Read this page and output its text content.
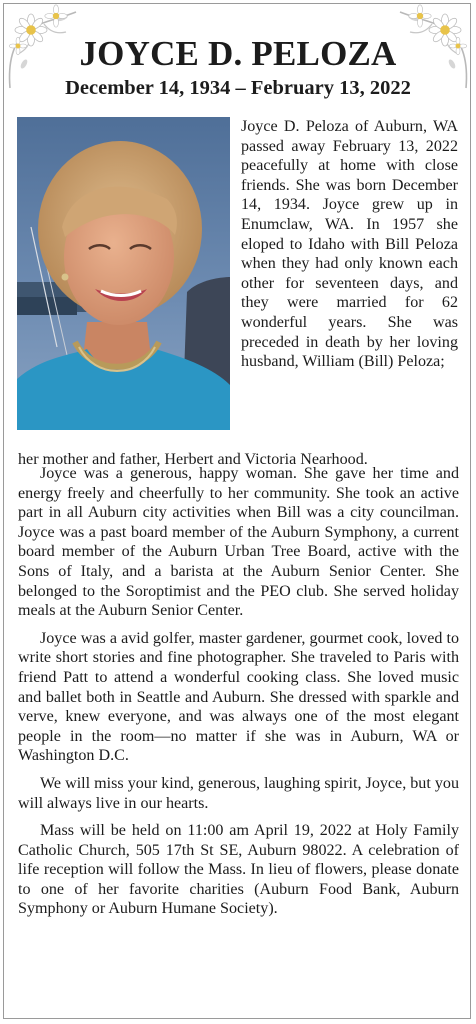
JOYCE D. PELOZA
December 14, 1934 – February 13, 2022

Joyce D. Peloza of Auburn, WA passed away February 13, 2022 peacefully at home with close friends. She was born December 14, 1934. Joyce grew up in Enumclaw, WA. In 1957 she eloped to Idaho with Bill Peloza when they had only known each other for seventeen days, and they were married for 62 wonderful years. She was preceded in death by her loving husband, William (Bill) Peloza;

her mother and father, Herbert and Victoria Nearhood.

Joyce was a generous, happy woman. She gave her time and energy freely and cheerfully to her community. She took an active part in all Auburn city activities when Bill was a city councilman. Joyce was a past board member of the Auburn Symphony, a current board member of the Auburn Urban Tree Board, active with the Sons of Italy, and a barista at the Auburn Senior Center. She belonged to the Soroptimist and the PEO club. She served holiday meals at the Auburn Senior Center.

Joyce was a avid golfer, master gardener, gourmet cook, loved to write short stories and fine photographer. She traveled to Paris with friend Patt to attend a wonderful cooking class. She loved music and ballet both in Seattle and Auburn. She dressed with sparkle and verve, knew everyone, and was always one of the most elegant people in the room—no matter if she was in Auburn, WA or Washington D.C.

We will miss your kind, generous, laughing spirit, Joyce, but you will always live in our hearts.

Mass will be held on 11:00 am April 19, 2022 at Holy Family Catholic Church, 505 17th St SE, Auburn 98022. A celebration of life reception will follow the Mass. In lieu of flowers, please donate to one of her favorite charities (Auburn Food Bank, Auburn Symphony or Auburn Humane Society).
